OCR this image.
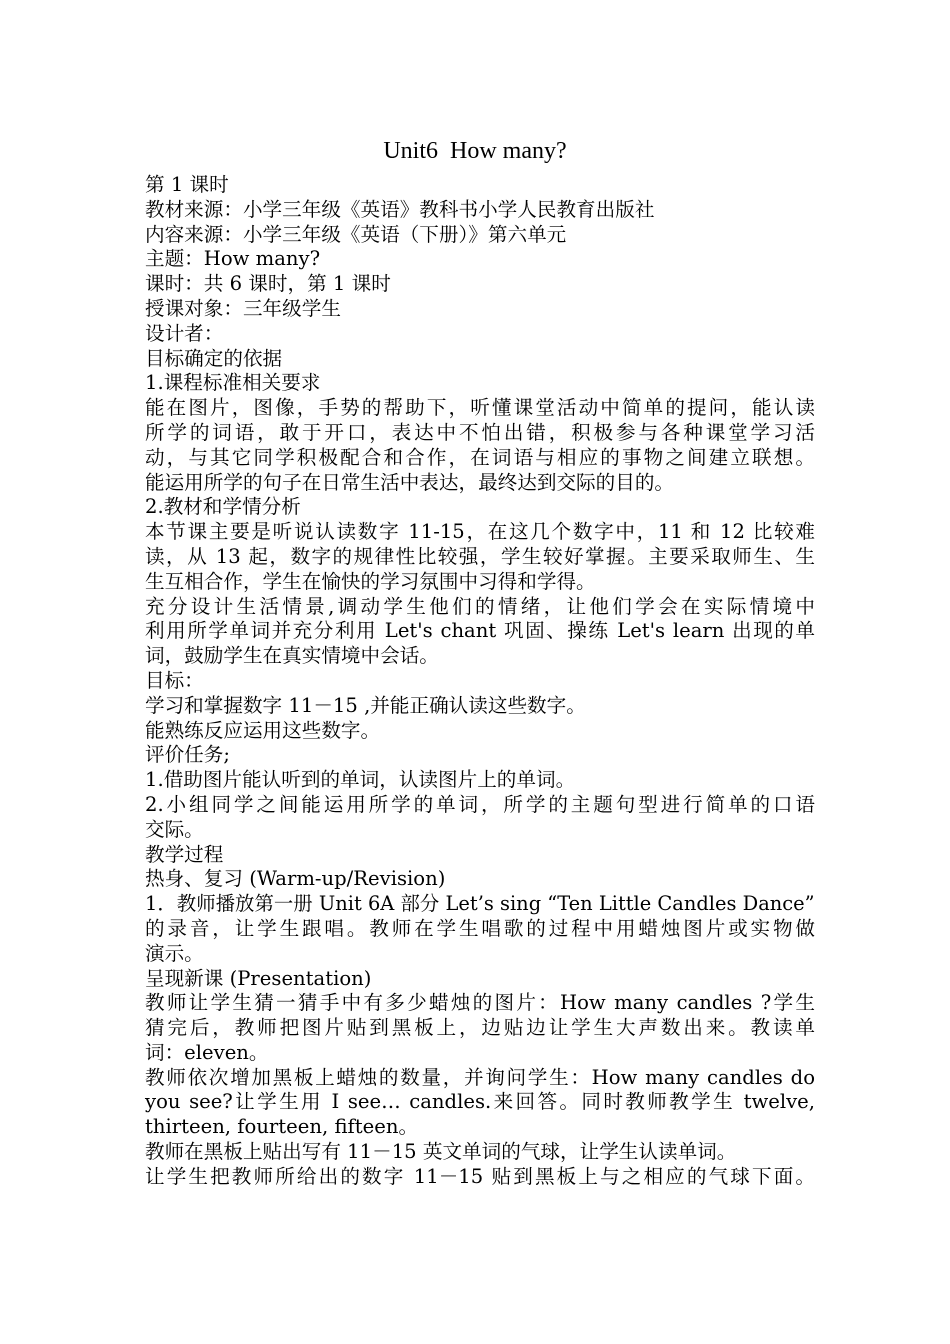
Unit6  How many?
第 1 课时
教材来源：小学三年级《英语》教科书小学人民教育出版社
内容来源：小学三年级《英语（下册）》第六单元
主题：How many?
课时：共 6 课时，第 1 课时
授课对象：三年级学生
设计者：
目标确定的依据
1.课程标准相关要求
能在图片，图像，手势的帮助下，听懂课堂活动中简单的提问，能认读
所学的词语，敢于开口，表达中不怕出错，积极参与各种课堂学习活
动，与其它同学积极配合和合作，在词语与相应的事物之间建立联想。
能运用所学的句子在日常生活中表达，最终达到交际的目的。
2.教材和学情分析
本节课主要是听说认读数字 11-15，在这几个数字中，11 和 12 比较难
读，从 13 起，数字的规律性比较强，学生较好掌握。主要采取师生、生
生互相合作，学生在愉快的学习氛围中习得和学得。
充分设计生活情景,调动学生他们的情绪，让他们学会在实际情境中
利用所学单词并充分利用 Let's chant 巩固、操练 Let's learn 出现的单
词，鼓励学生在真实情境中会话。
目标：
学习和掌握数字 11－15 ,并能正确认读这些数字。
能熟练反应运用这些数字。
评价任务;
1.借助图片能认听到的单词，认读图片上的单词。
2.小组同学之间能运用所学的单词，所学的主题句型进行简单的口语
交际。
教学过程
热身、复习 (Warm-up/Revision)
1．教师播放第一册 Unit 6A 部分 Let’s sing “Ten Little Candles Dance”
的录音，让学生跟唱。教师在学生唱歌的过程中用蜡烛图片或实物做
演示。
呈现新课 (Presentation)
教师让学生猜一猜手中有多少蜡烛的图片：How many candles ?学生
猜完后，教师把图片贴到黑板上，边贴边让学生大声数出来。教读单
词：eleven。
教师依次增加黑板上蜡烛的数量，并询问学生：How many candles do
you see?让学生用 I see… candles.来回答。同时教师教学生 twelve,
thirteen, fourteen, fifteen。
教师在黑板上贴出写有 11－15 英文单词的气球，让学生认读单词。
让学生把教师所给出的数字 11－15 贴到黑板上与之相应的气球下面。
